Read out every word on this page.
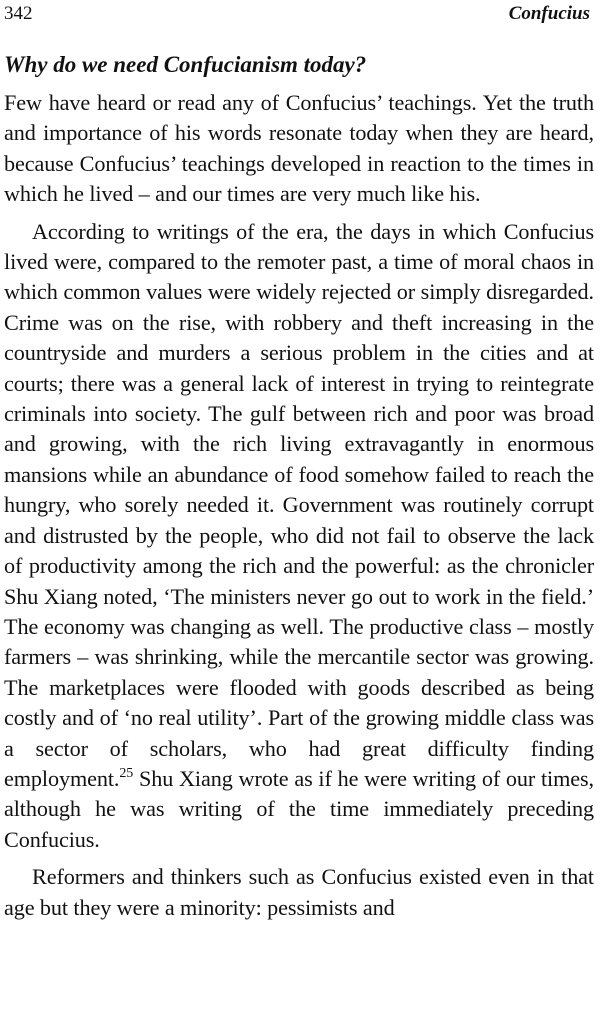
342	Confucius
Why do we need Confucianism today?

Few have heard or read any of Confucius’ teachings. Yet the truth and importance of his words resonate today when they are heard, because Confucius’ teachings developed in reaction to the times in which he lived – and our times are very much like his.

According to writings of the era, the days in which Confucius lived were, compared to the remoter past, a time of moral chaos in which common values were widely rejected or simply disregarded. Crime was on the rise, with robbery and theft increasing in the countryside and murders a serious problem in the cities and at courts; there was a general lack of interest in trying to reintegrate criminals into society. The gulf between rich and poor was broad and growing, with the rich living extravagantly in enormous mansions while an abundance of food somehow failed to reach the hungry, who sorely needed it. Government was routinely corrupt and distrusted by the people, who did not fail to observe the lack of productivity among the rich and the powerful: as the chronicler Shu Xiang noted, ‘The ministers never go out to work in the field.’ The economy was changing as well. The productive class – mostly farmers – was shrinking, while the mercantile sector was growing. The marketplaces were flooded with goods described as being costly and of ‘no real utility’. Part of the growing middle class was a sector of scholars, who had great difficulty finding employment.$^{25}$ Shu Xiang wrote as if he were writing of our times, although he was writing of the time immediately preceding Confucius.

Reformers and thinkers such as Confucius existed even in that age but they were a minority: pessimists and
